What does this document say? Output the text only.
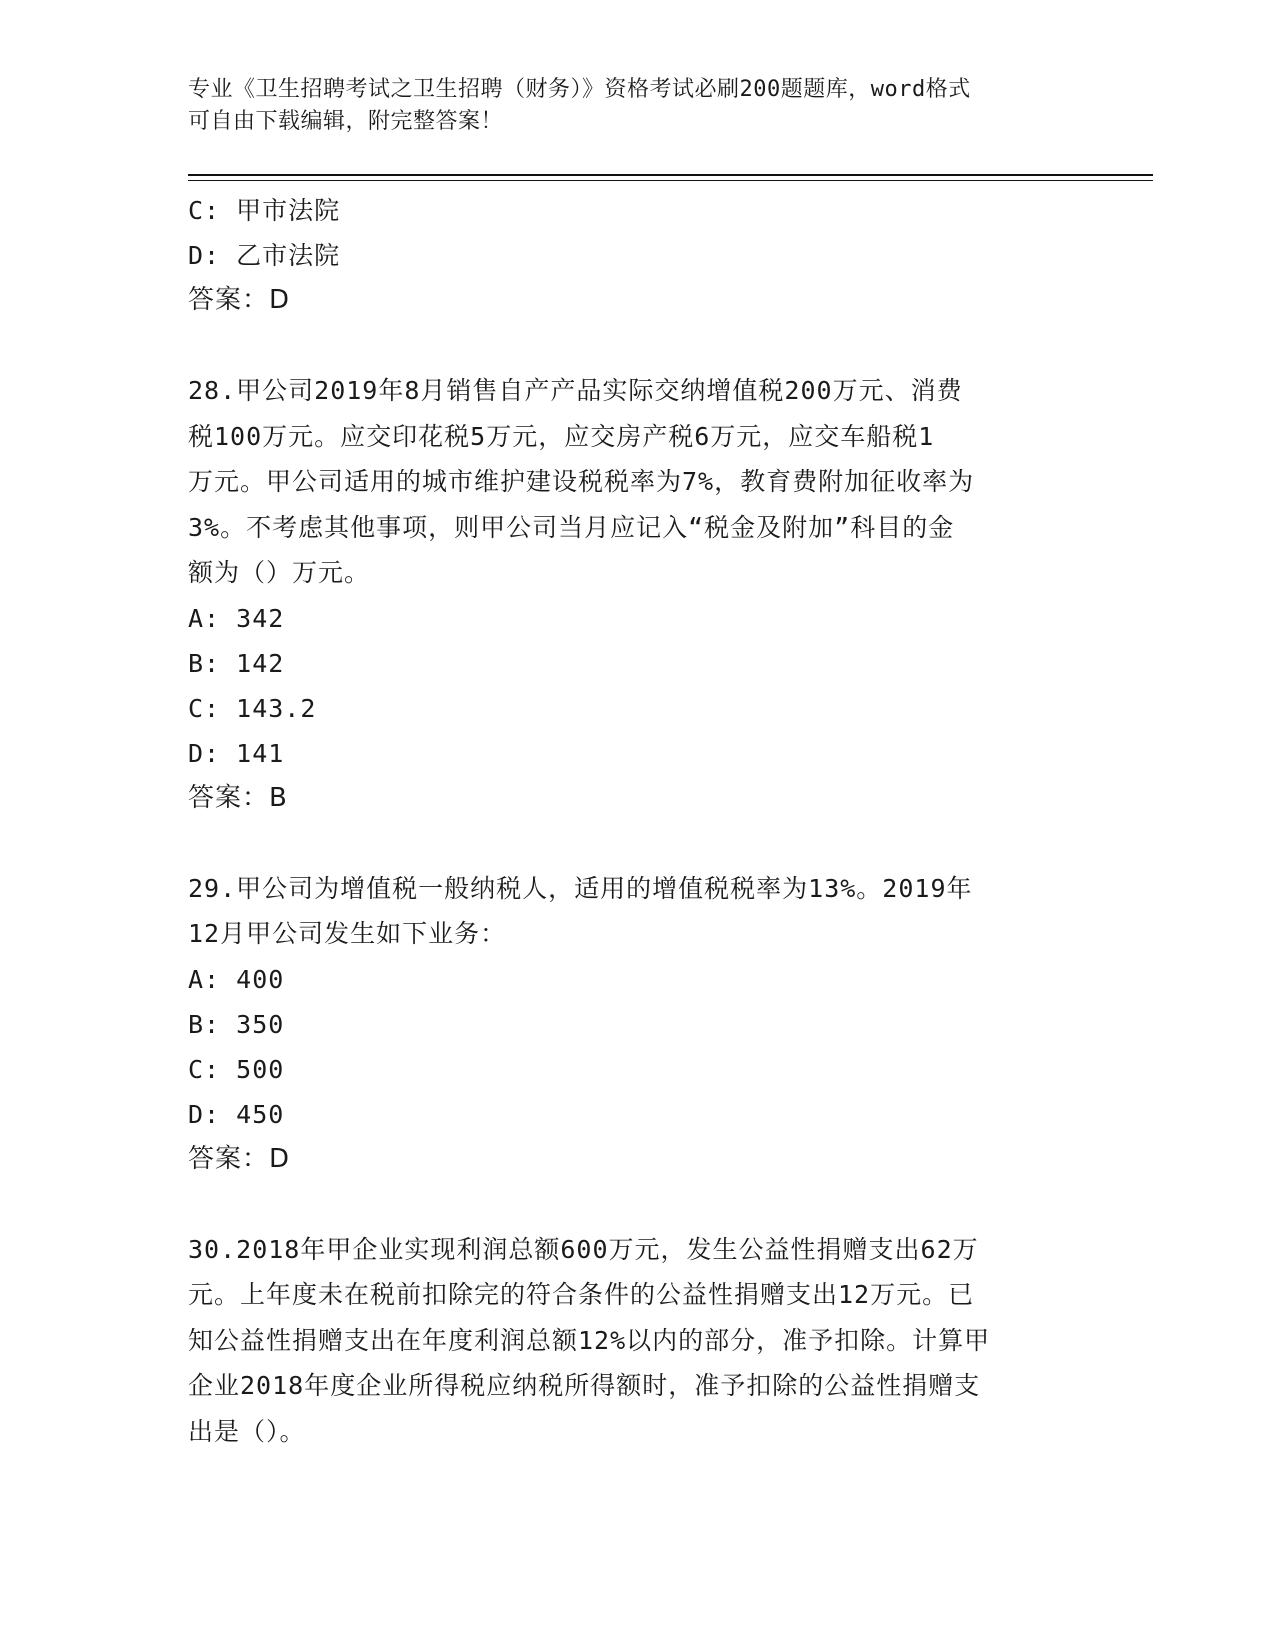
专业《卫生招聘考试之卫生招聘（财务）》资格考试必刷200题题库，word格式
可自由下载编辑，附完整答案！
C: 甲市法院
D: 乙市法院
答案：D
28.甲公司2019年8月销售自产产品实际交纳增值税200万元、消费
税100万元。应交印花税5万元，应交房产税6万元，应交车船税1
万元。甲公司适用的城市维护建设税税率为7%，教育费附加征收率为
3%。不考虑其他事项，则甲公司当月应记入“税金及附加”科目的金
额为（）万元。
A: 342
B: 142
C: 143.2
D: 141
答案：B
29.甲公司为增值税一般纳税人，适用的增值税税率为13%。2019年
12月甲公司发生如下业务：
A: 400
B: 350
C: 500
D: 450
答案：D
30.2018年甲企业实现利润总额600万元，发生公益性捐赠支出62万
元。上年度未在税前扣除完的符合条件的公益性捐赠支出12万元。已
知公益性捐赠支出在年度利润总额12%以内的部分，准予扣除。计算甲
企业2018年度企业所得税应纳税所得额时，准予扣除的公益性捐赠支
出是（）。
